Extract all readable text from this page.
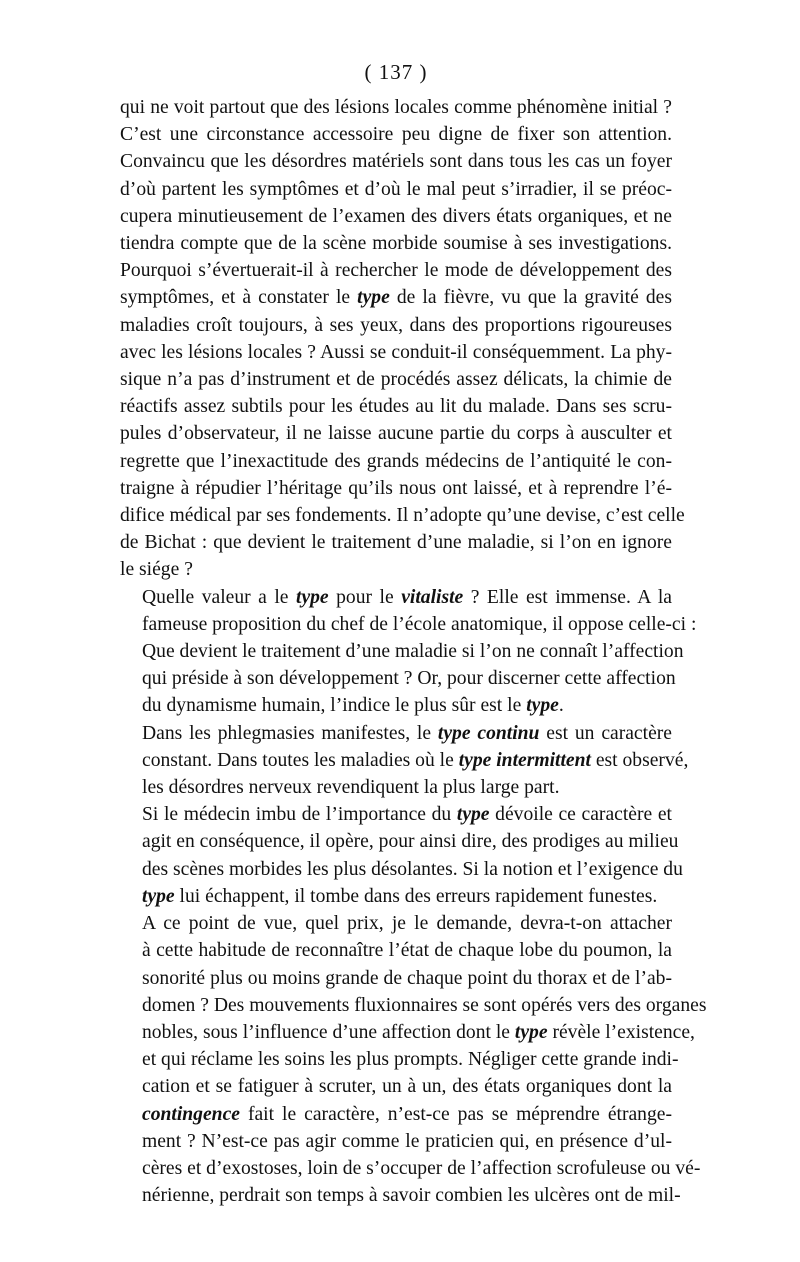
( 137 )
qui ne voit partout que des lésions locales comme phénomène initial ?
C’est une circonstance accessoire peu digne de fixer son attention.
Convaincu que les désordres matériels sont dans tous les cas un foyer
d’où partent les symptômes et d’où le mal peut s’irradier, il se préoc-
cupera minutieusement de l’examen des divers états organiques, et ne
tiendra compte que de la scène morbide soumise à ses investigations.
Pourquoi s’évertuerait-il à rechercher le mode de développement des
symptômes, et à constater le type de la fièvre, vu que la gravité des
maladies croît toujours, à ses yeux, dans des proportions rigoureuses
avec les lésions locales ? Aussi se conduit-il conséquemment. La phy-
sique n’a pas d’instrument et de procédés assez délicats, la chimie de
réactifs assez subtils pour les études au lit du malade. Dans ses scru-
pules d’observateur, il ne laisse aucune partie du corps à ausculter et
regrette que l’inexactitude des grands médecins de l’antiquité le con-
traigne à répudier l’héritage qu’ils nous ont laissé, et à reprendre l’é-
difice médical par ses fondements. Il n’adopte qu’une devise, c’est celle
de Bichat : que devient le traitement d’une maladie, si l’on en ignore
le siége ?
Quelle valeur a le type pour le vitaliste ? Elle est immense. A la
fameuse proposition du chef de l’école anatomique, il oppose celle-ci :
Que devient le traitement d’une maladie si l’on ne connaît l’affection
qui préside à son développement ? Or, pour discerner cette affection
du dynamisme humain, l’indice le plus sûr est le type.
Dans les phlegmasies manifestes, le type continu est un caractère
constant. Dans toutes les maladies où le type intermittent est observé,
les désordres nerveux revendiquent la plus large part.
Si le médecin imbu de l’importance du type dévoile ce caractère et
agit en conséquence, il opère, pour ainsi dire, des prodiges au milieu
des scènes morbides les plus désolantes. Si la notion et l’exigence du
type lui échappent, il tombe dans des erreurs rapidement funestes.
A ce point de vue, quel prix, je le demande, devra-t-on attacher
à cette habitude de reconnaître l’état de chaque lobe du poumon, la
sonorité plus ou moins grande de chaque point du thorax et de l’ab-
domen ? Des mouvements fluxionnaires se sont opérés vers des organes
nobles, sous l’influence d’une affection dont le type révèle l’existence,
et qui réclame les soins les plus prompts. Négliger cette grande indi-
cation et se fatiguer à scruter, un à un, des états organiques dont la
contingence fait le caractère, n’est-ce pas se méprendre étrange-
ment ? N’est-ce pas agir comme le praticien qui, en présence d’ul-
cères et d’exostoses, loin de s’occuper de l’affection scrofuleuse ou vé-
nérienne, perdrait son temps à savoir combien les ulcères ont de mil-
